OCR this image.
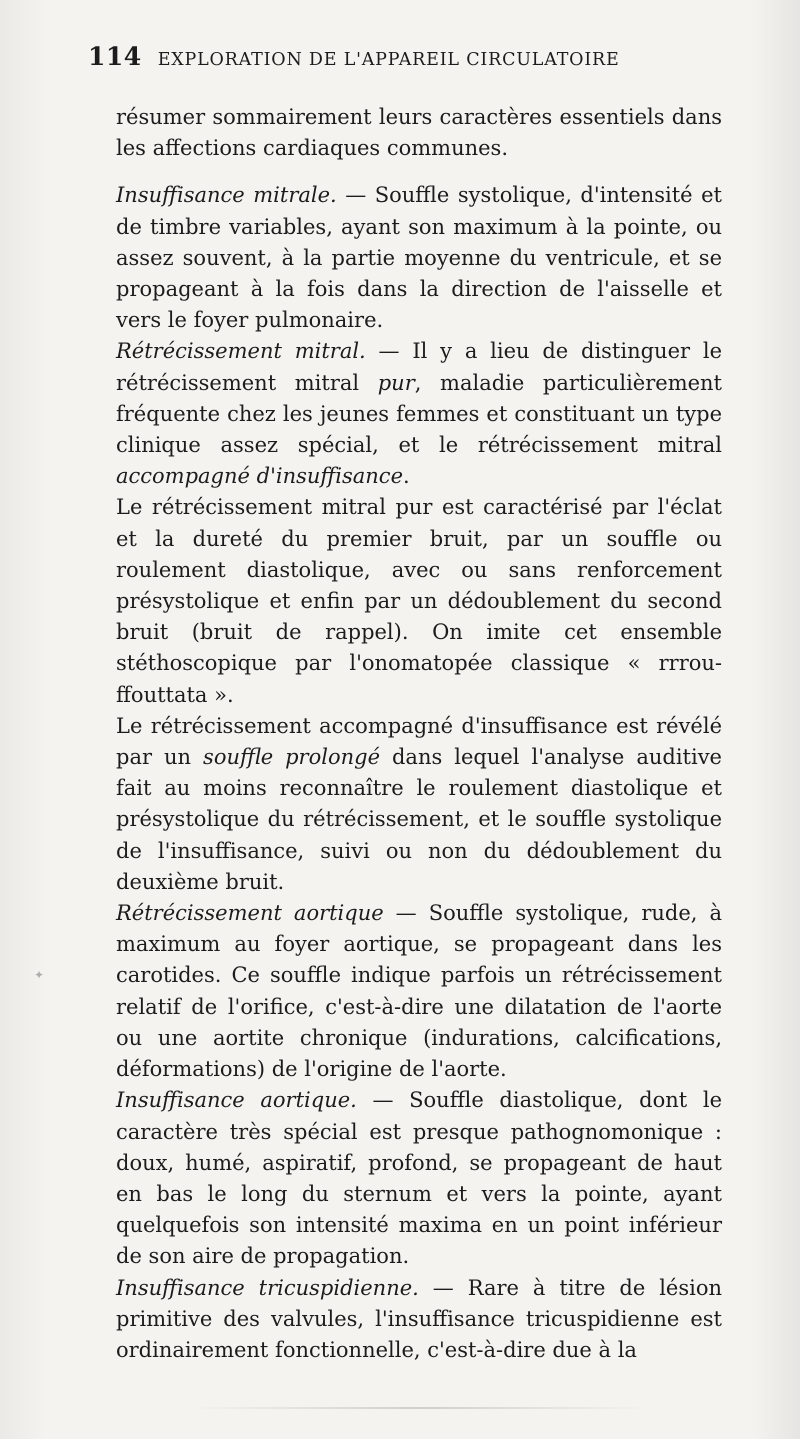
114 EXPLORATION DE L'APPAREIL CIRCULATOIRE

résumer sommairement leurs caractères essentiels dans les affections cardiaques communes.

Insuffisance mitrale. — Souffle systolique, d'intensité et de timbre variables, ayant son maximum à la pointe, ou assez souvent, à la partie moyenne du ventricule, et se propageant à la fois dans la direction de l'aisselle et vers le foyer pulmonaire.

Rétrécissement mitral. — Il y a lieu de distinguer le rétrécissement mitral pur, maladie particulièrement fréquente chez les jeunes femmes et constituant un type clinique assez spécial, et le rétrécissement mitral accompagné d'insuffisance.

Le rétrécissement mitral pur est caractérisé par l'éclat et la dureté du premier bruit, par un souffle ou roulement diastolique, avec ou sans renforcement présystolique et enfin par un dédoublement du second bruit (bruit de rappel). On imite cet ensemble stéthoscopique par l'onomatopée classique « rrrou-ffouttata ».

Le rétrécissement accompagné d'insuffisance est révélé par un souffle prolongé dans lequel l'analyse auditive fait au moins reconnaître le roulement diastolique et présystolique du rétrécissement, et le souffle systolique de l'insuffisance, suivi ou non du dédoublement du deuxième bruit.

Rétrécissement aortique — Souffle systolique, rude, à maximum au foyer aortique, se propageant dans les carotides. Ce souffle indique parfois un rétrécissement relatif de l'orifice, c'est-à-dire une dilatation de l'aorte ou une aortite chronique (indurations, calcifications, déformations) de l'origine de l'aorte.

Insuffisance aortique. — Souffle diastolique, dont le caractère très spécial est presque pathognomonique : doux, humé, aspiratif, profond, se propageant de haut en bas le long du sternum et vers la pointe, ayant quelquefois son intensité maxima en un point inférieur de son aire de propagation.

Insuffisance tricuspidienne. — Rare à titre de lésion primitive des valvules, l'insuffisance tricuspidienne est ordinairement fonctionnelle, c'est-à-dire due à la

✦
